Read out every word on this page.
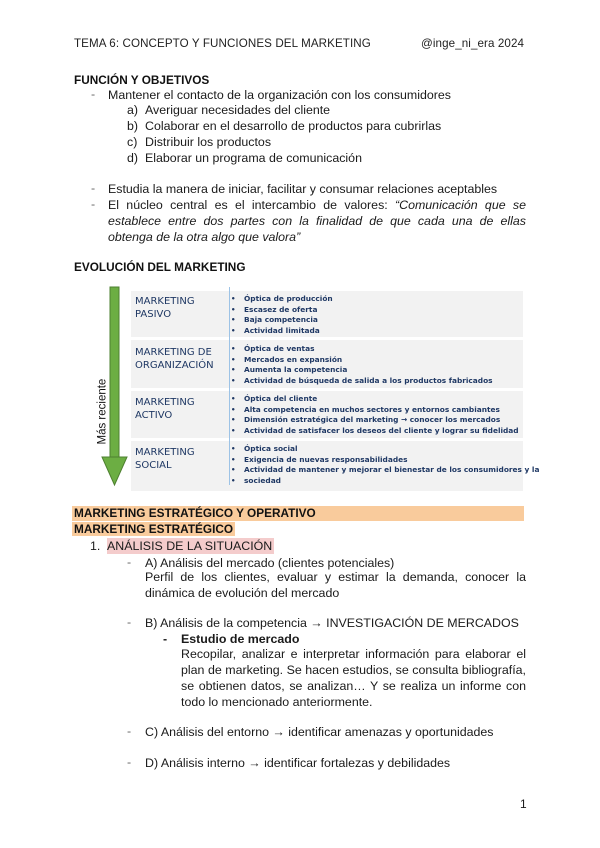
TEMA 6: CONCEPTO Y FUNCIONES DEL MARKETING	@inge_ni_era 2024
FUNCIÓN Y OBJETIVOS
- Mantener el contacto de la organización con los consumidores
a) Averiguar necesidades del cliente
b) Colaborar en el desarrollo de productos para cubrirlas
c) Distribuir los productos
d) Elaborar un programa de comunicación
- Estudia la manera de iniciar, facilitar y consumar relaciones aceptables
- El núcleo central es el intercambio de valores: “Comunicación que se establece entre dos partes con la finalidad de que cada una de ellas obtenga de la otra algo que valora”
EVOLUCIÓN DEL MARKETING
Más reciente
MARKETING
PASIVO
• Óptica de producción
• Escasez de oferta
• Baja competencia
• Actividad limitada
MARKETING DE
ORGANIZACIÓN
• Óptica de ventas
• Mercados en expansión
• Aumenta la competencia
• Actividad de búsqueda de salida a los productos fabricados
MARKETING
ACTIVO
• Óptica del cliente
• Alta competencia en muchos sectores y entornos cambiantes
• Dimensión estratégica del marketing → conocer los mercados
• Actividad de satisfacer los deseos del cliente y lograr su fidelidad
MARKETING
SOCIAL
• Óptica social
• Exigencia de nuevas responsabilidades
• Actividad de mantener y mejorar el bienestar de los consumidores y la
• sociedad
MARKETING ESTRATÉGICO Y OPERATIVO
MARKETING ESTRATÉGICO
1. ANÁLISIS DE LA SITUACIÓN
- A) Análisis del mercado (clientes potenciales)
Perfil de los clientes, evaluar y estimar la demanda, conocer la dinámica de evolución del mercado
- B) Análisis de la competencia → INVESTIGACIÓN DE MERCADOS
- Estudio de mercado
Recopilar, analizar e interpretar información para elaborar el plan de marketing. Se hacen estudios, se consulta bibliografía, se obtienen datos, se analizan… Y se realiza un informe con todo lo mencionado anteriormente.
- C) Análisis del entorno → identificar amenazas y oportunidades
- D) Análisis interno → identificar fortalezas y debilidades
1
